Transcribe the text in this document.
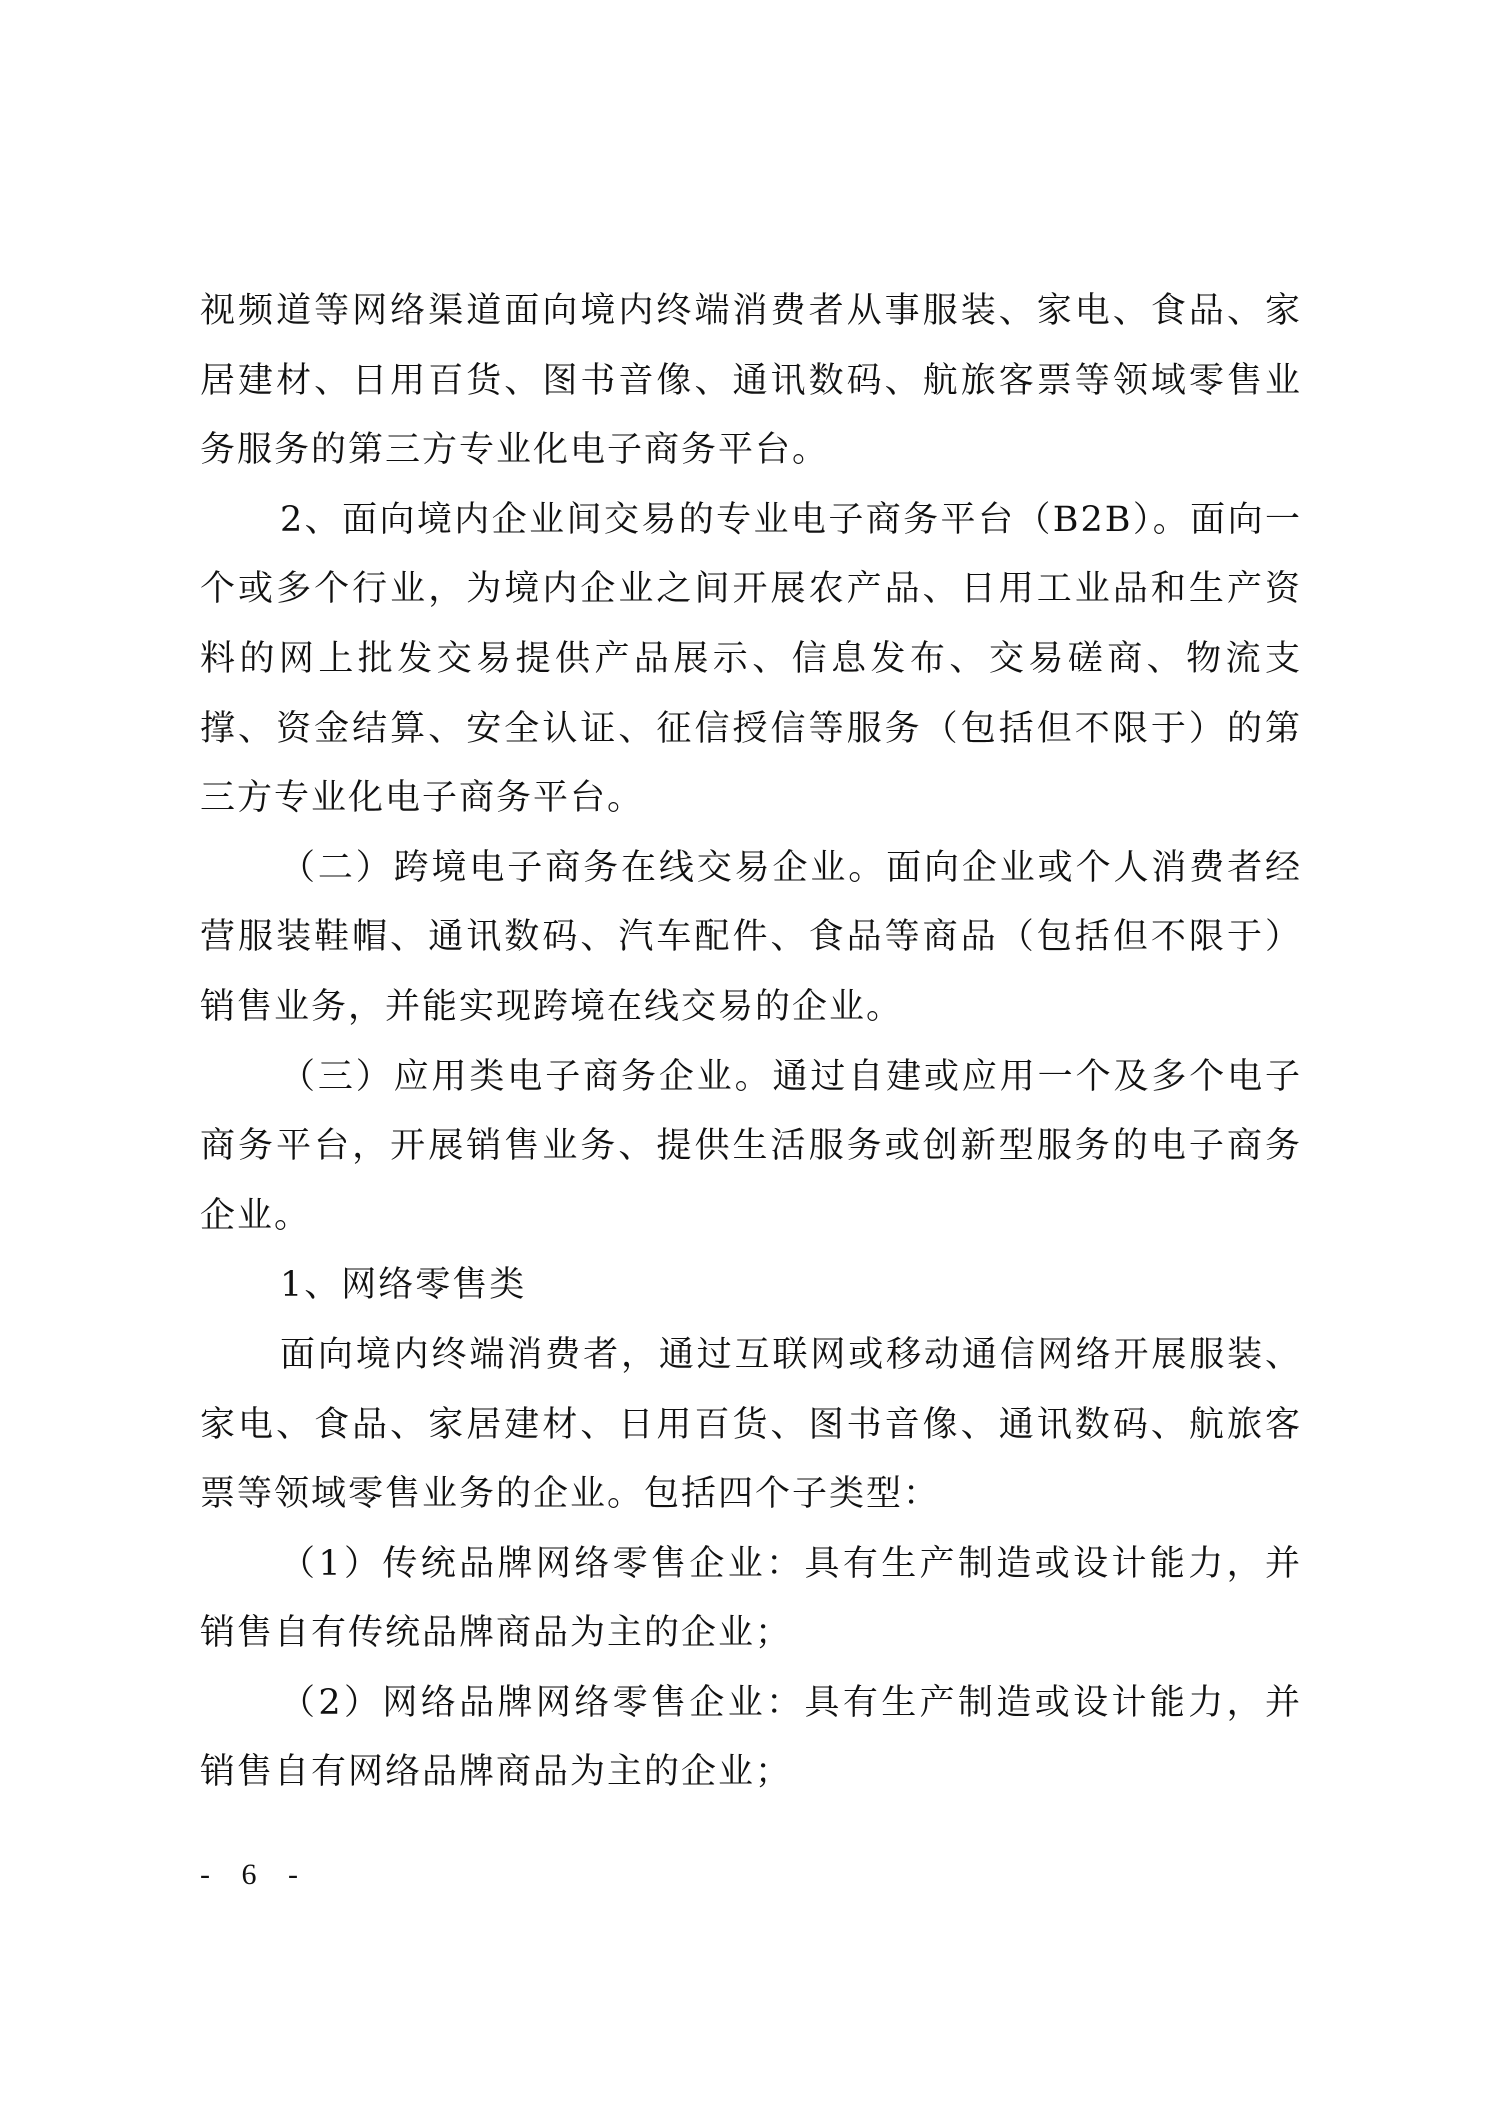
视频道等网络渠道面向境内终端消费者从事服装、家电、食品、家居建材、日用百货、图书音像、通讯数码、航旅客票等领域零售业务服务的第三方专业化电子商务平台。

2、面向境内企业间交易的专业电子商务平台（B2B）。面向一个或多个行业，为境内企业之间开展农产品、日用工业品和生产资料的网上批发交易提供产品展示、信息发布、交易磋商、物流支撑、资金结算、安全认证、征信授信等服务（包括但不限于）的第三方专业化电子商务平台。

（二）跨境电子商务在线交易企业。面向企业或个人消费者经营服装鞋帽、通讯数码、汽车配件、食品等商品（包括但不限于）销售业务，并能实现跨境在线交易的企业。

（三）应用类电子商务企业。通过自建或应用一个及多个电子商务平台，开展销售业务、提供生活服务或创新型服务的电子商务企业。

1、网络零售类

面向境内终端消费者，通过互联网或移动通信网络开展服装、家电、食品、家居建材、日用百货、图书音像、通讯数码、航旅客票等领域零售业务的企业。包括四个子类型：

（1）传统品牌网络零售企业：具有生产制造或设计能力，并销售自有传统品牌商品为主的企业；

（2）网络品牌网络零售企业：具有生产制造或设计能力，并销售自有网络品牌商品为主的企业；

- 6 -
